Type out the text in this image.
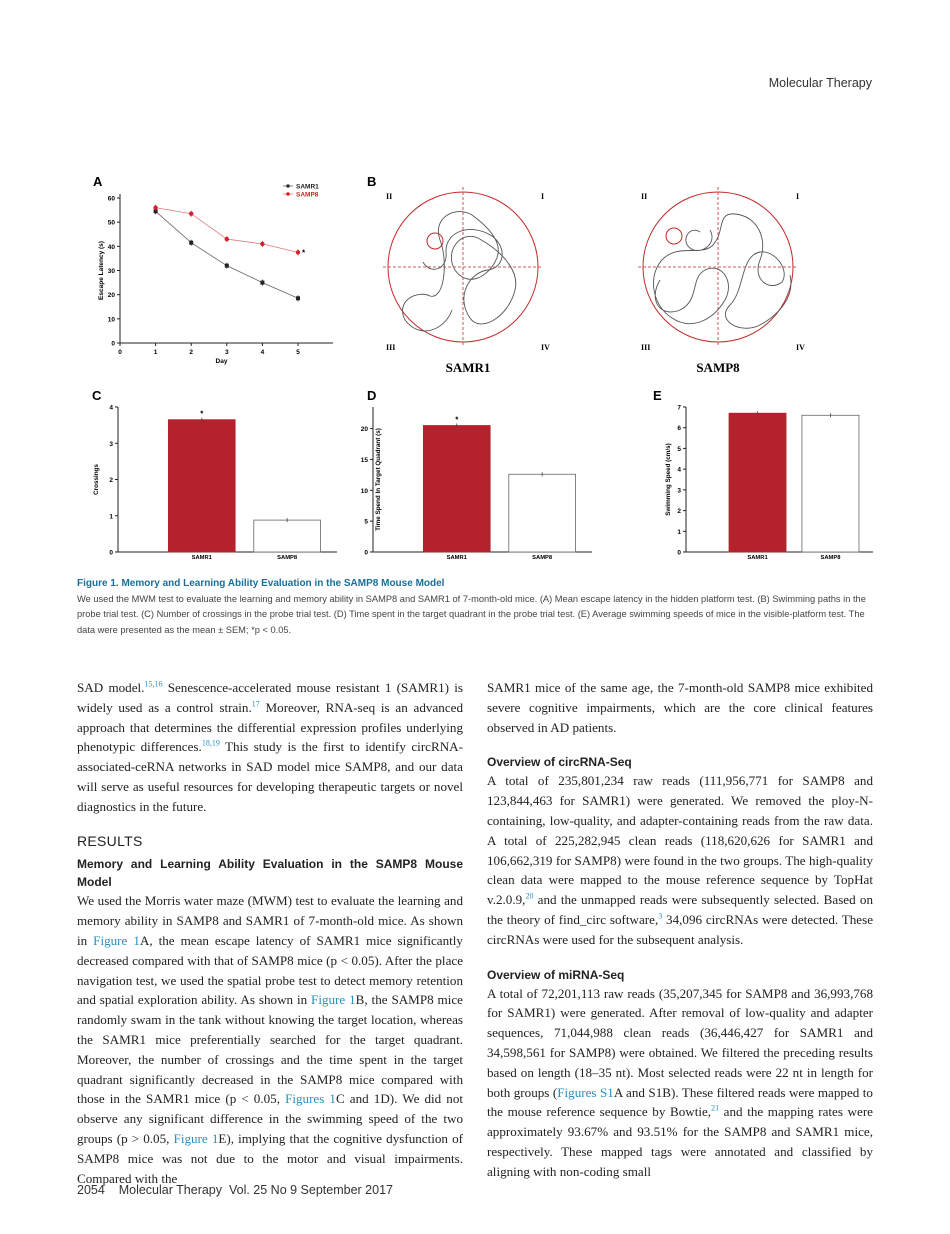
Molecular Therapy
A
0
10
20
30
40
50
60
0	1	2	3	4	5
Day
Escape Latency (s)
SAMR1
SAMP8
*
B
II	I
III	IV
SAMR1
II	I
III	IV
SAMP8
C
0
1
2
3
4
Crossings
SAMR1
*
SAMP8
D
0
5
10
15
20 Time Spend In Target Quadrant (s)
SAMR1
*
SAMP8
E
0
1
2
3
4
5
6
7
Swimming Speed (cm/s)
SAMR1	SAMP8
Figure 1. Memory and Learning Ability Evaluation in the SAMP8 Mouse Model
We used the MWM test to evaluate the learning and memory ability in SAMP8 and SAMR1 of 7-month-old mice. (A) Mean escape latency in the hidden platform test. (B) Swimming paths in the probe trial test. (C) Number of crossings in the probe trial test. (D) Time spent in the target quadrant in the probe trial test. (E) Average swimming speeds of mice in the visible-platform test. The data were presented as the mean ± SEM; *p < 0.05.

SAD model.$^{15,16}$ Senescence-accelerated mouse resistant 1 (SAMR1) is widely used as a control strain.$^{17}$ Moreover, RNA-seq is an advanced approach that determines the differential expression profiles underlying phenotypic differences.$^{18,19}$ This study is the first to identify circRNA-associated-ceRNA networks in SAD model mice SAMP8, and our data will serve as useful resources for developing therapeutic targets or novel diagnostics in the future.

RESULTS

Memory and Learning Ability Evaluation in the SAMP8 Mouse Model

We used the Morris water maze (MWM) test to evaluate the learning and memory ability in SAMP8 and SAMR1 of 7-month-old mice. As shown in Figure 1A, the mean escape latency of SAMR1 mice significantly decreased compared with that of SAMP8 mice (p < 0.05). After the place navigation test, we used the spatial probe test to detect memory retention and spatial exploration ability. As shown in Figure 1B, the SAMP8 mice randomly swam in the tank without knowing the target location, whereas the SAMR1 mice preferentially searched for the target quadrant. Moreover, the number of crossings and the time spent in the target quadrant significantly decreased in the SAMP8 mice compared with those in the SAMR1 mice (p < 0.05, Figures 1C and 1D). We did not observe any significant difference in the swimming speed of the two groups (p > 0.05, Figure 1E), implying that the cognitive dysfunction of SAMP8 mice was not due to the motor and visual impairments. Compared with the

SAMR1 mice of the same age, the 7-month-old SAMP8 mice exhibited severe cognitive impairments, which are the core clinical features observed in AD patients.

Overview of circRNA-Seq

A total of 235,801,234 raw reads (111,956,771 for SAMP8 and 123,844,463 for SAMR1) were generated. We removed the ploy-N-containing, low-quality, and adapter-containing reads from the raw data. A total of 225,282,945 clean reads (118,620,626 for SAMR1 and 106,662,319 for SAMP8) were found in the two groups. The high-quality clean data were mapped to the mouse reference sequence by TopHat v.2.0.9,20 and the unmapped reads were subsequently selected. Based on the theory of find_circ software,$^3$ 34,096 circRNAs were detected. These circRNAs were used for the subsequent analysis.

Overview of miRNA-Seq

A total of 72,201,113 raw reads (35,207,345 for SAMP8 and 36,993,768 for SAMR1) were generated. After removal of low-quality and adapter sequences, 71,044,988 clean reads (36,446,427 for SAMR1 and 34,598,561 for SAMP8) were obtained. We filtered the preceding results based on length (18–35 nt). Most selected reads were 22 nt in length for both groups (Figures S1A and S1B). These filtered reads were mapped to the mouse reference sequence by Bowtie,$^{21}$ and the mapping rates were approximately 93.67% and 93.51% for the SAMP8 and SAMR1 mice, respectively. These mapped tags were annotated and classified by aligning with non-coding small

2054 Molecular Therapy Vol. 25 No 9 September 2017
